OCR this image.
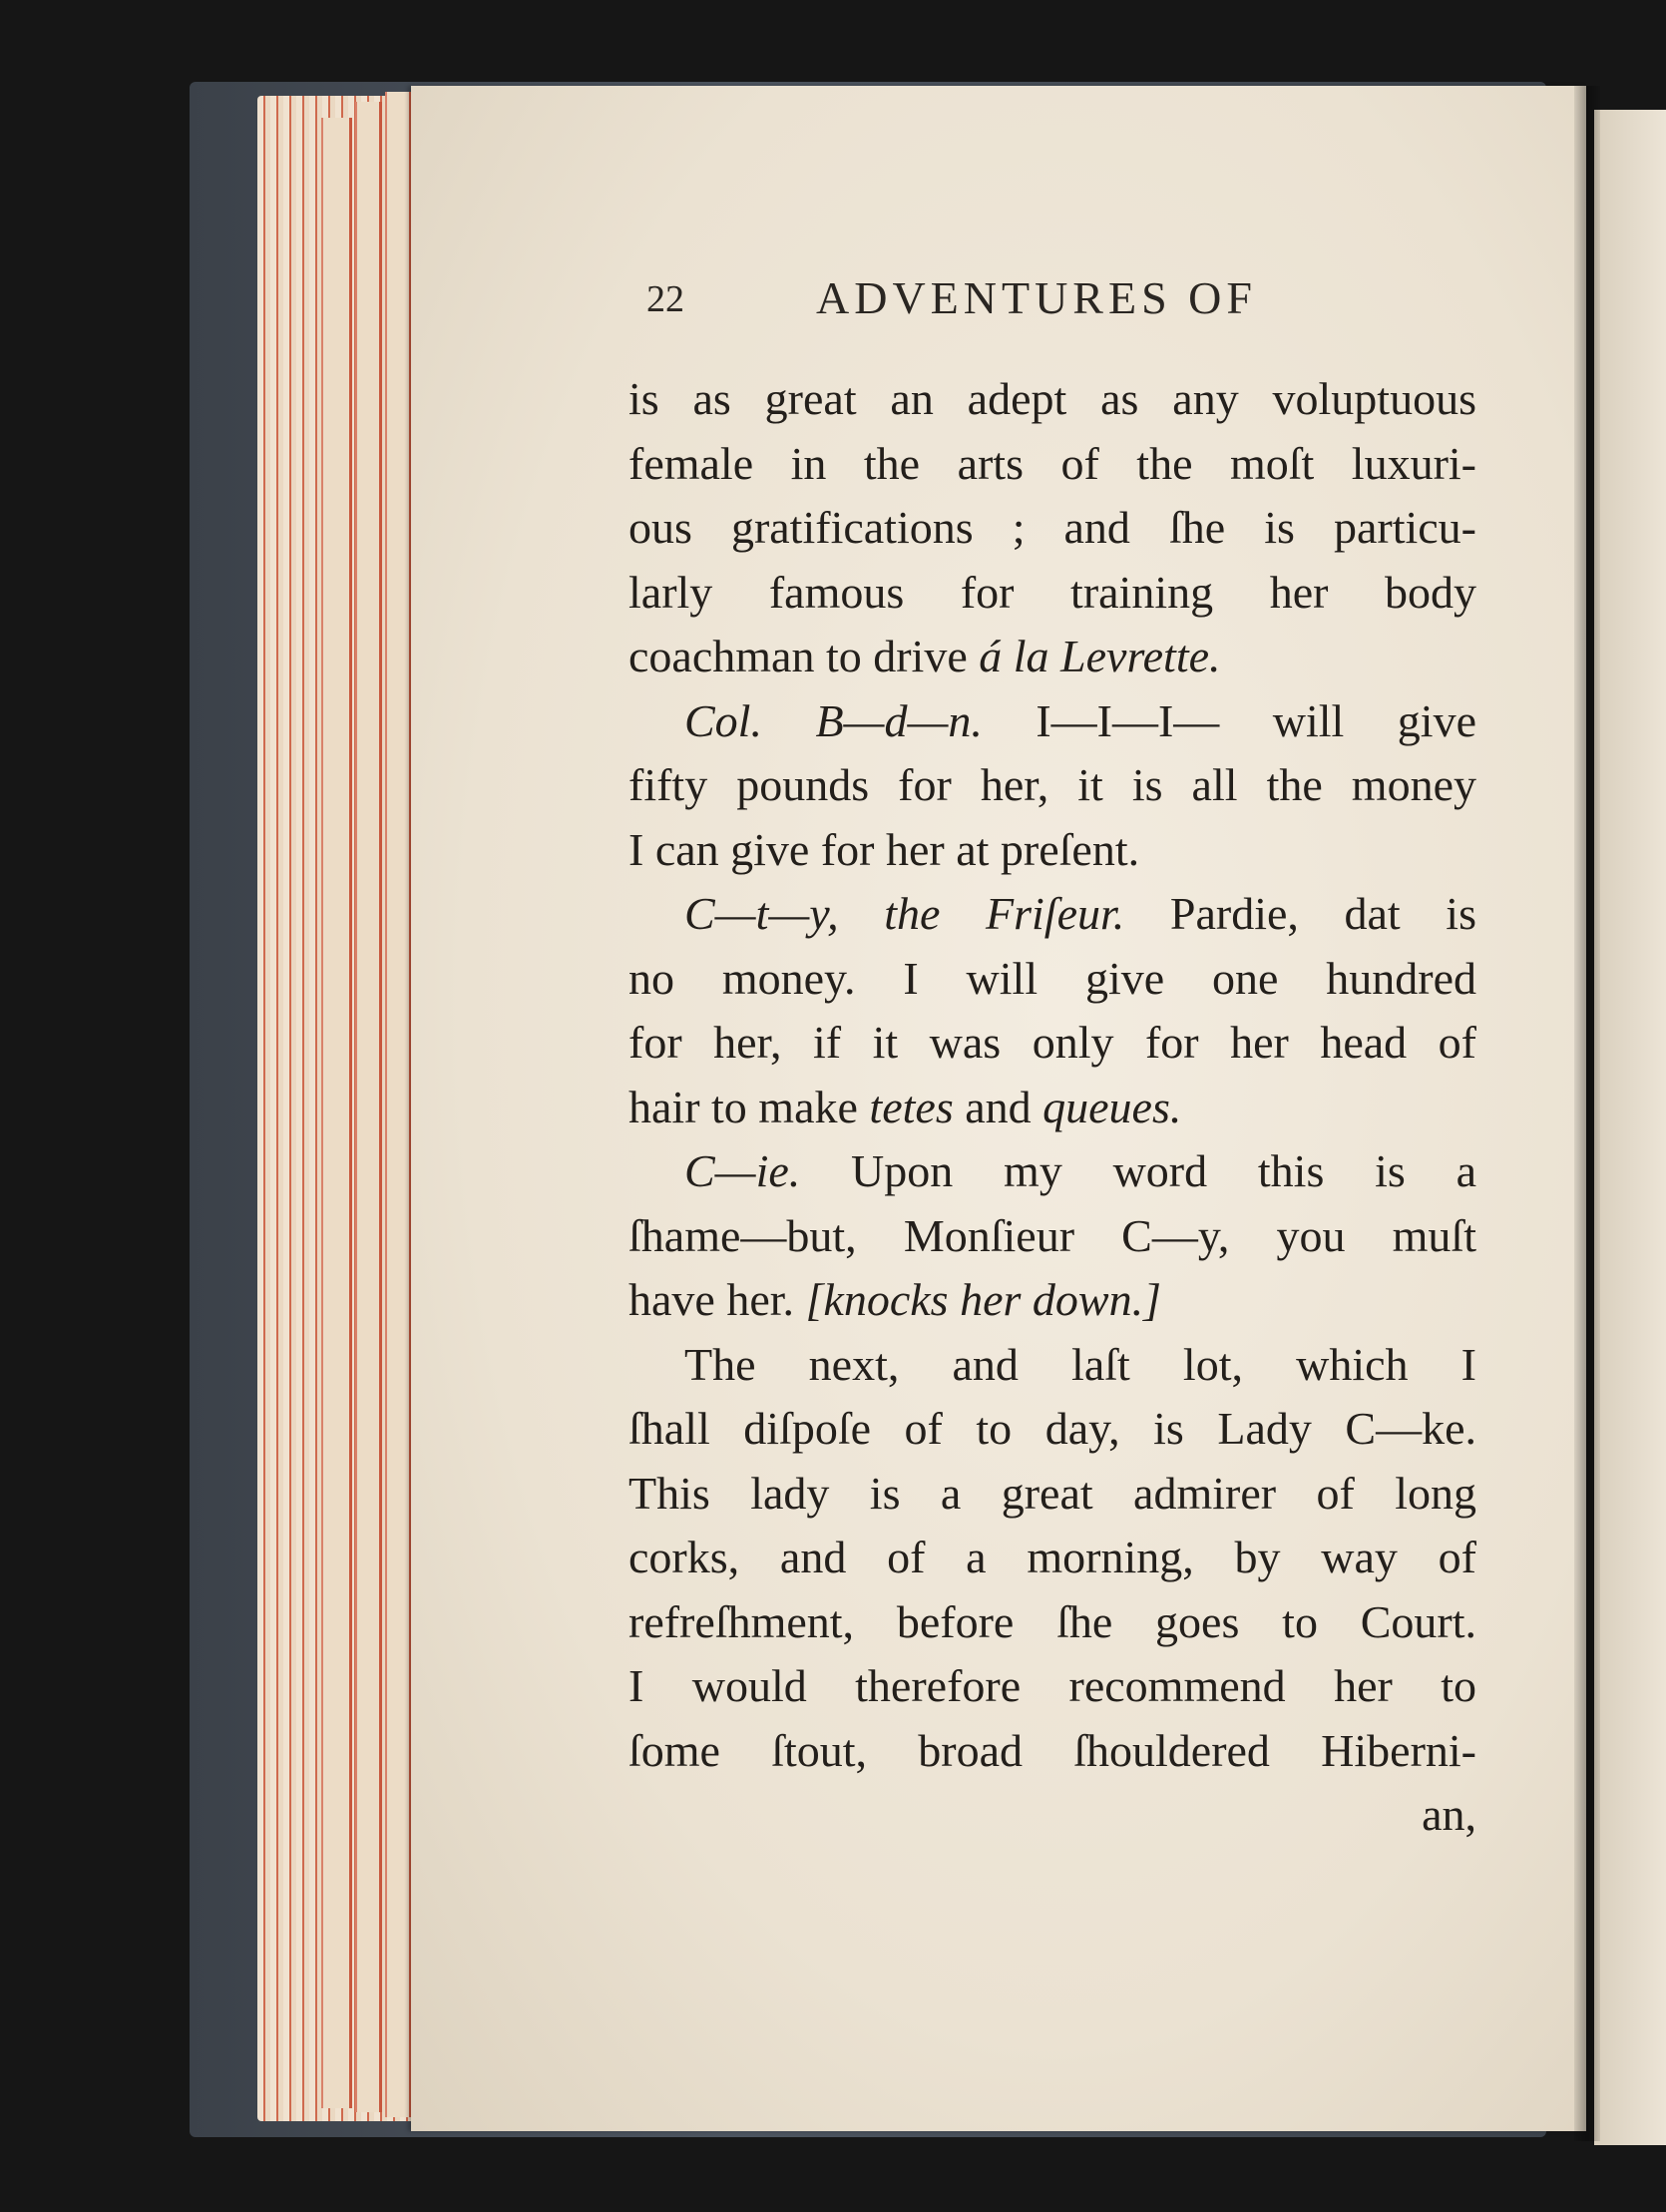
22	ADVENTURES OF
is as great an adept as any voluptuous
female in the arts of the moſt luxuri-
ous gratifications ; and ſhe is particu-
larly famous for training her body
coachman to drive á la Levrette.
Col. B—d—n. I—I—I— will give
fifty pounds for her, it is all the money
I can give for her at preſent.
C—t—y, the Friſeur. Pardie, dat is
no money. I will give one hundred
for her, if it was only for her head of
hair to make tetes and queues.
C—ie. Upon my word this is a
ſhame—but, Monſieur C—y, you muſt
have her. [knocks her down.]
The next, and laſt lot, which I
ſhall diſpoſe of to day, is Lady C—ke.
This lady is a great admirer of long
corks, and of a morning, by way of
refreſhment, before ſhe goes to Court.
I would therefore recommend her to
ſome ſtout, broad ſhouldered Hiberni-
an,
